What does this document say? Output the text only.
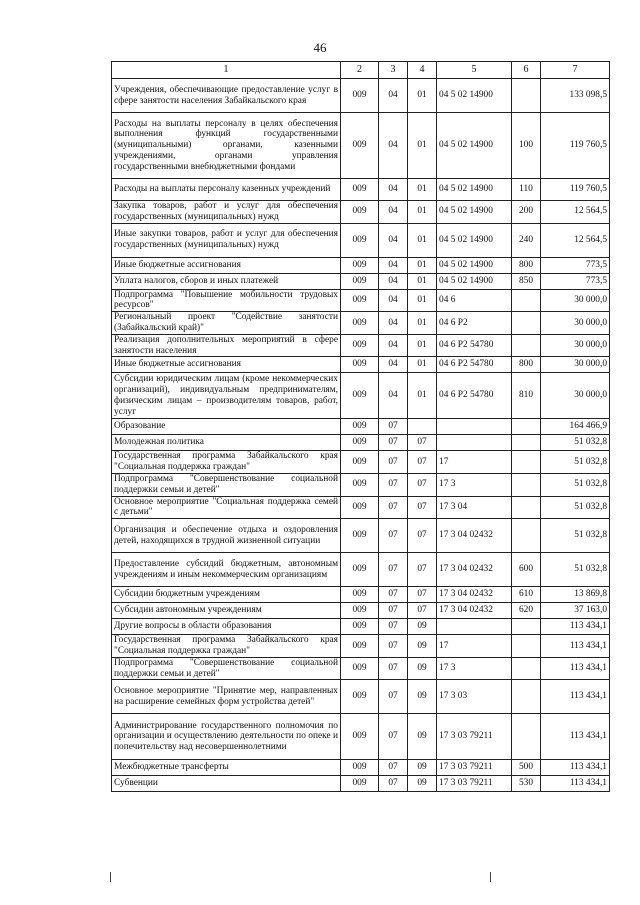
46
1	2	3	4	5	6	7
Учреждения, обеспечивающие предоставление услуг в сфере занятости населения Забайкальского края	009	04	01	04 5 02 14900		133 098,5
Расходы на выплаты персоналу в целях обеспечения выполнения функций государственными (муниципальными) органами, казенными учреждениями, органами управления государственными внебюджетными фондами	009	04	01	04 5 02 14900	100	119 760,5
Расходы на выплаты персоналу казенных учреждений	009	04	01	04 5 02 14900	110	119 760,5
Закупка товаров, работ и услуг для обеспечения государственных (муниципальных) нужд	009	04	01	04 5 02 14900	200	12 564,5
Иные закупки товаров, работ и услуг для обеспечения государственных (муниципальных) нужд	009	04	01	04 5 02 14900	240	12 564,5
Иные бюджетные ассигнования	009	04	01	04 5 02 14900	800	773,5
Уплата налогов, сборов и иных платежей	009	04	01	04 5 02 14900	850	773,5
Подпрограмма "Повышение мобильности трудовых ресурсов"	009	04	01	04 6		30 000,0
Региональный проект "Содействие занятости (Забайкальский край)"	009	04	01	04 6 P2		30 000,0
Реализация дополнительных мероприятий в сфере занятости населения	009	04	01	04 6 P2 54780		30 000,0
Иные бюджетные ассигнования	009	04	01	04 6 P2 54780	800	30 000,0
Субсидии юридическим лицам (кроме некоммерческих организаций), индивидуальным предпринимателям, физическим лицам – производителям товаров, работ, услуг	009	04	01	04 6 P2 54780	810	30 000,0
Образование	009	07				164 466,9
Молодежная политика	009	07	07			51 032,8
Государственная программа Забайкальского края "Социальная поддержка граждан"	009	07	07	17		51 032,8
Подпрограмма "Совершенствование социальной поддержки семьи и детей"	009	07	07	17 3		51 032,8
Основное мероприятие "Социальная поддержка семей с детьми"	009	07	07	17 3 04		51 032,8
Организация и обеспечение отдыха и оздоровления детей, находящихся в трудной жизненной ситуации	009	07	07	17 3 04 02432		51 032,8
Предоставление субсидий бюджетным, автономным учреждениям и иным некоммерческим организациям	009	07	07	17 3 04 02432	600	51 032,8
Субсидии бюджетным учреждениям	009	07	07	17 3 04 02432	610	13 869,8
Субсидии автономным учреждениям	009	07	07	17 3 04 02432	620	37 163,0
Другие вопросы в области образования	009	07	09			113 434,1
Государственная программа Забайкальского края "Социальная поддержка граждан"	009	07	09	17		113 434,1
Подпрограмма "Совершенствование социальной поддержки семьи и детей"	009	07	09	17 3		113 434,1
Основное мероприятие "Принятие мер, направленных на расширение семейных форм устройства детей"	009	07	09	17 3 03		113 434,1
Администрирование государственного полномочия по организации и осуществлению деятельности по опеке и попечительству над несовершеннолетними	009	07	09	17 3 03 79211		113 434,1
Межбюджетные трансферты	009	07	09	17 3 03 79211	500	113 434,1
Субвенции	009	07	09	17 3 03 79211	530	113 434,1
